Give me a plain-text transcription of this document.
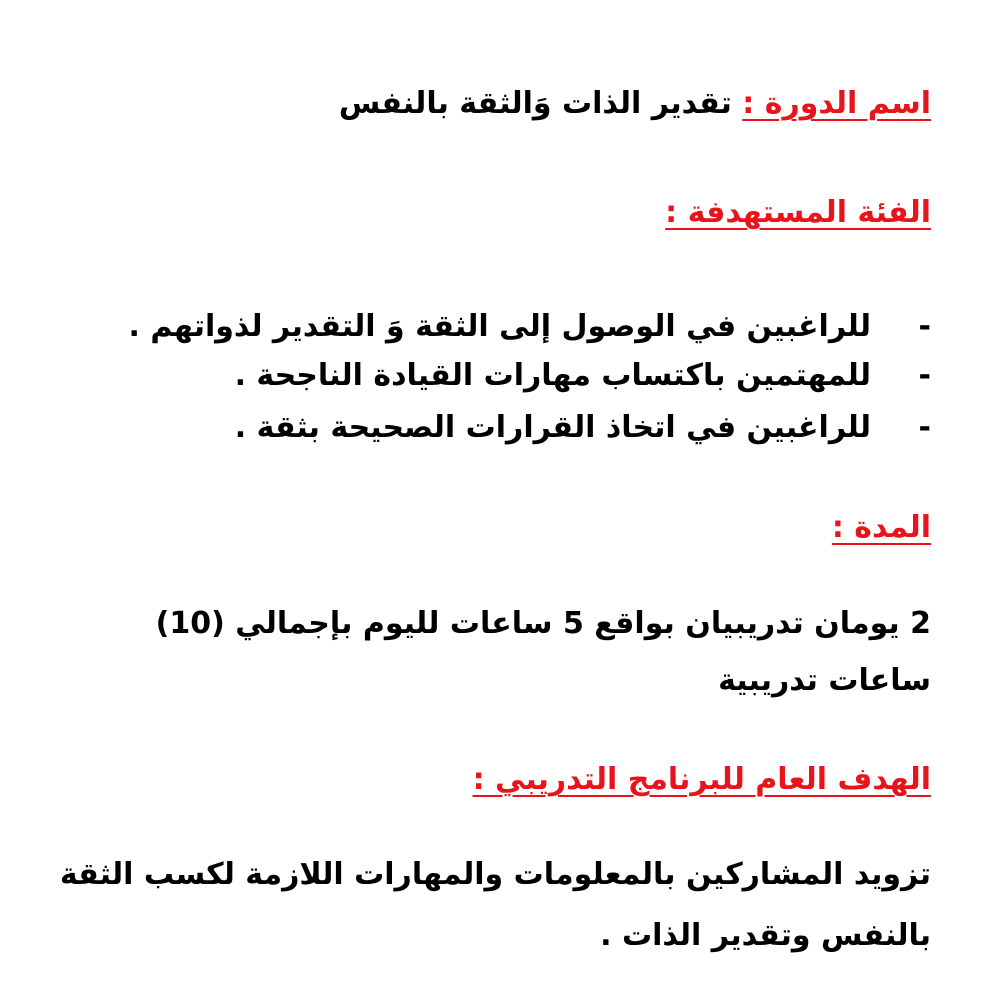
اسم الدورة : تقدير الذات وَالثقة بالنفس
الفئة المستهدفة :
-للراغبين في الوصول إلى الثقة وَ التقدير لذواتهم .
-للمهتمين باكتساب مهارات القيادة الناجحة .
-للراغبين في اتخاذ القرارات الصحيحة بثقة .
المدة :
2 يومان تدريبيان بواقع 5 ساعات لليوم بإجمالي (10)
ساعات تدريبية
الهدف العام للبرنامج التدريبي :
تزويد المشاركين بالمعلومات والمهارات اللازمة لكسب الثقة
بالنفس وتقدير الذات .
